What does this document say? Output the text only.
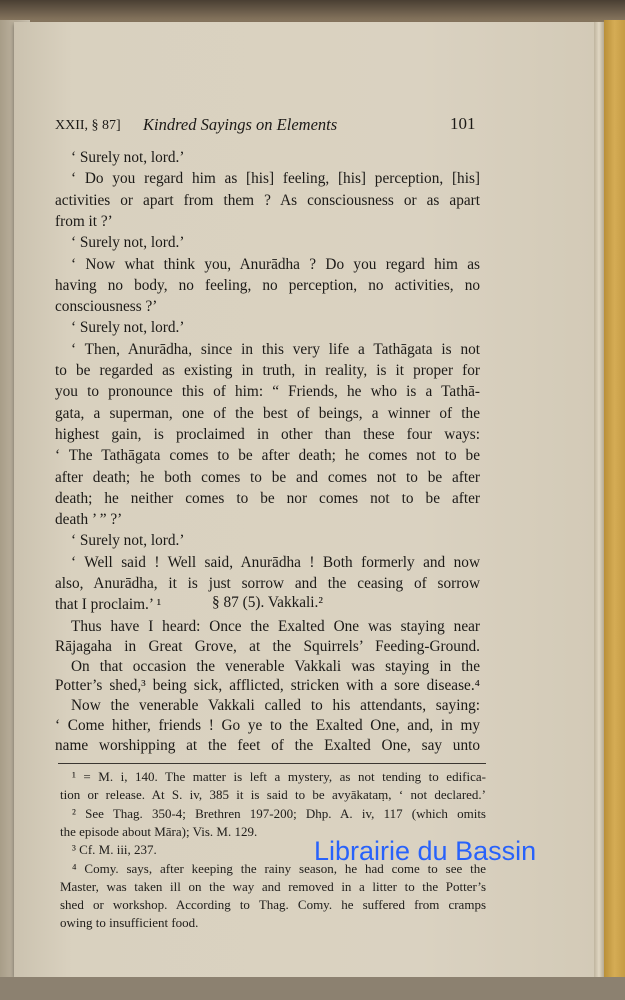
XXII, § 87] Kindred Sayings on Elements	101
‘ Surely not, lord.’
‘ Do you regard him as [his] feeling, [his] perception, [his]
activities or apart from them ? As consciousness or as apart
from it ?’
‘ Surely not, lord.’
‘ Now what think you, Anurādha ? Do you regard him as
having no body, no feeling, no perception, no activities, no
consciousness ?’
‘ Surely not, lord.’
‘ Then, Anurādha, since in this very life a Tathāgata is not
to be regarded as existing in truth, in reality, is it proper for
you to pronounce this of him: “ Friends, he who is a Tathā-
gata, a superman, one of the best of beings, a winner of the
highest gain, is proclaimed in other than these four ways:
‘ The Tathāgata comes to be after death; he comes not to be
after death; he both comes to be and comes not to be after
death; he neither comes to be nor comes not to be after
death ’ ” ?’
‘ Surely not, lord.’
‘ Well said ! Well said, Anurādha ! Both formerly and now
also, Anurādha, it is just sorrow and the ceasing of sorrow
that I proclaim.’ ¹	§ 87 (5). Vakkali.²
Thus have I heard: Once the Exalted One was staying near
Rājagaha in Great Grove, at the Squirrels’ Feeding-Ground.
On that occasion the venerable Vakkali was staying in the
Potter’s shed,³ being sick, afflicted, stricken with a sore disease.⁴
Now the venerable Vakkali called to his attendants, saying:
‘ Come hither, friends ! Go ye to the Exalted One, and, in my
name worshipping at the feet of the Exalted One, say unto
¹ = M. i, 140. The matter is left a mystery, as not tending to edifica-
tion or release. At S. iv, 385 it is said to be avyākataṃ, ‘ not declared.’
² See Thag. 350-4; Brethren 197-200; Dhp. A. iv, 117 (which omits
the episode about Māra); Vis. M. 129.
³ Cf. M. iii, 237.
⁴ Comy. says, after keeping the rainy season, he had come to see the
Master, was taken ill on the way and removed in a litter to the Potter’s
shed or workshop. According to Thag. Comy. he suffered from cramps
owing to insufficient food.
Librairie du Bassin
